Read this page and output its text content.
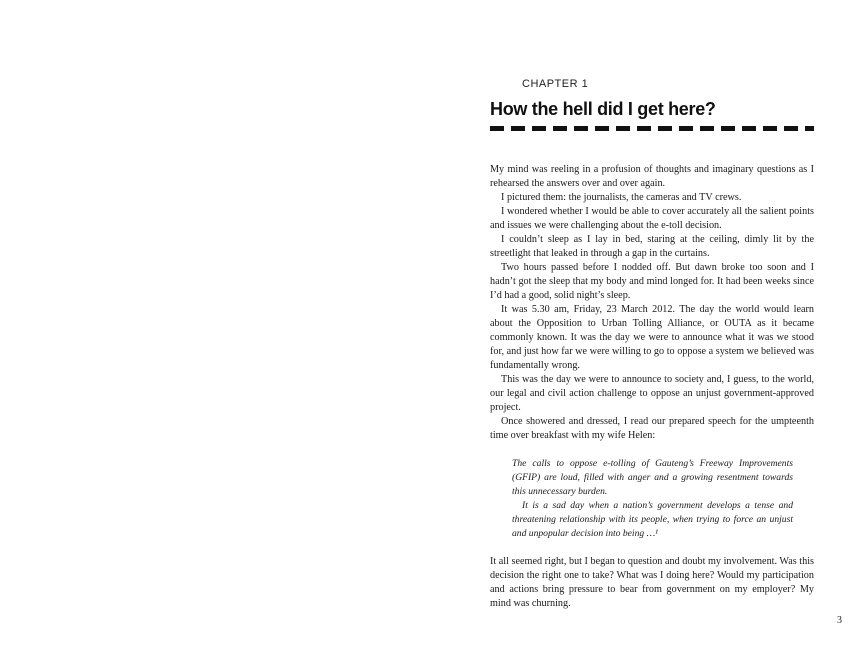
CHAPTER 1
How the hell did I get here?

My mind was reeling in a profusion of thoughts and imaginary questions as I rehearsed the answers over and over again.

I pictured them: the journalists, the cameras and TV crews.

I wondered whether I would be able to cover accurately all the salient points and issues we were challenging about the e-toll decision.

I couldn’t sleep as I lay in bed, staring at the ceiling, dimly lit by the streetlight that leaked in through a gap in the curtains.

Two hours passed before I nodded off. But dawn broke too soon and I hadn’t got the sleep that my body and mind longed for. It had been weeks since I’d had a good, solid night’s sleep.

It was 5.30 am, Friday, 23 March 2012. The day the world would learn about the Opposition to Urban Tolling Alliance, or OUTA as it became commonly known. It was the day we were to announce what it was we stood for, and just how far we were willing to go to oppose a system we believed was fundamentally wrong.

This was the day we were to announce to society and, I guess, to the world, our legal and civil action challenge to oppose an unjust government-approved project.

Once showered and dressed, I read our prepared speech for the umpteenth time over breakfast with my wife Helen:

The calls to oppose e-tolling of Gauteng’s Freeway Improvements (GFIP) are loud, filled with anger and a growing resentment towards this unnecessary burden.

It is a sad day when a nation’s government develops a tense and threatening relationship with its people, when trying to force an unjust and unpopular decision into being …¹

It all seemed right, but I began to question and doubt my involvement. Was this decision the right one to take? What was I doing here? Would my participation and actions bring pressure to bear from government on my employer? My mind was churning.

3
